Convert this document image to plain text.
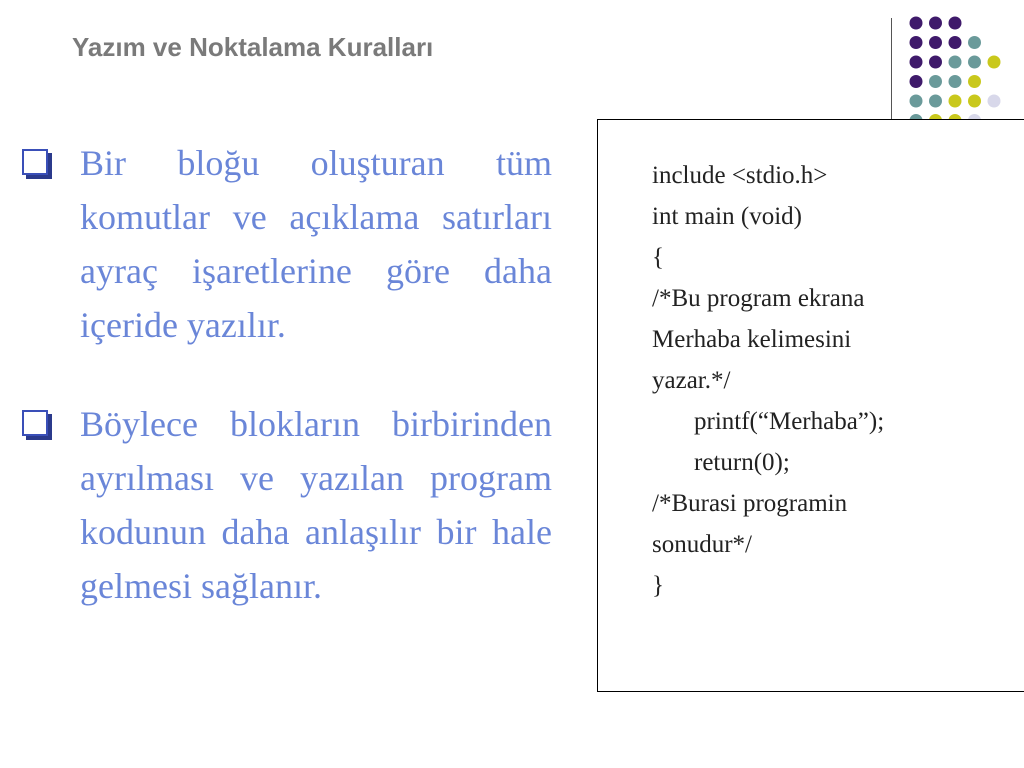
Yazım ve Noktalama Kuralları
Bir bloğu oluşturan tüm komutlar ve açıklama satırları ayraç işaretlerine göre daha içeride yazılır.
Böylece blokların birbirinden ayrılması ve yazılan program kodunun daha anlaşılır bir hale gelmesi sağlanır.
include <stdio.h>
int main (void)
{
/*Bu program ekrana
Merhaba kelimesini
yazar.*/
printf(“Merhaba”);
return(0);
/*Burasi programin
sonudur*/
}
